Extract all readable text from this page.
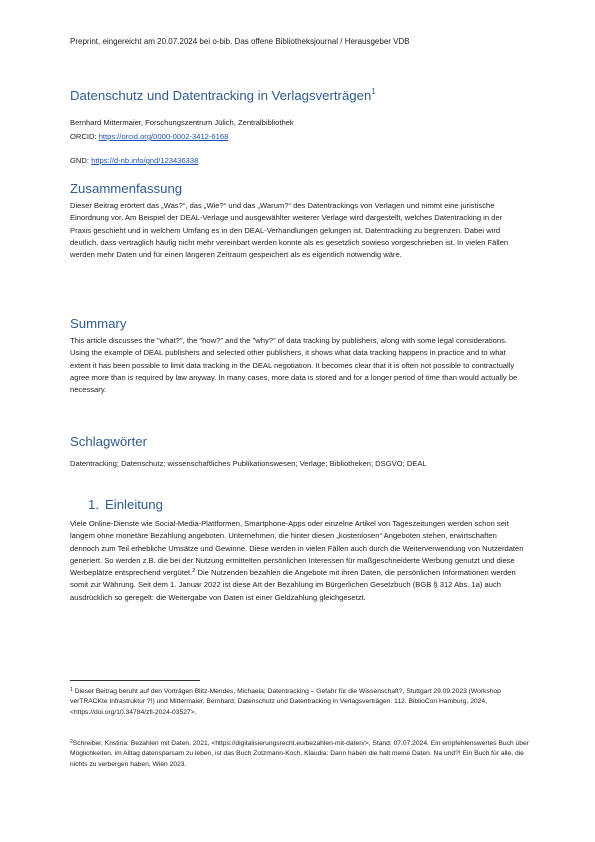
Preprint, eingereicht am 20.07.2024 bei o-bib. Das offene Bibliotheksjournal / Herausgeber VDB
Datenschutz und Datentracking in Verlagsverträgen$^1$
Bernhard Mittermaier, Forschungszentrum Jülich, Zentralbibliothek
ORCID: https://orcid.org/0000-0002-3412-6168
GND: https://d-nb.info/gnd/123436338
Zusammenfassung
Dieser Beitrag erörtert das „Was?“, das „Wie?“ und das „Warum?“ des Datentrackings von Verlagen und nimmt eine juristische Einordnung vor. Am Beispiel der DEAL-Verlage und ausgewählter weiterer Verlage wird dargestellt, welches Datentracking in der Praxis geschieht und in welchem Umfang es in den DEAL-Verhandlungen gelungen ist, Datentracking zu begrenzen. Dabei wird deutlich, dass vertraglich häufig nicht mehr vereinbart werden konnte als es gesetzlich sowieso vorgeschrieben ist. In vielen Fällen werden mehr Daten und für einen längeren Zeitraum gespeichert als es eigentlich notwendig wäre.
Summary
This article discusses the "what?", the "how?" and the "why?" of data tracking by publishers, along with some legal considerations. Using the example of DEAL publishers and selected other publishers, it shows what data tracking happens in practice and to what extent it has been possible to limit data tracking in the DEAL negotiation. It becomes clear that it is often not possible to contractually agree more than is required by law anyway. In many cases, more data is stored and for a longer period of time than would actually be necessary.
Schlagwörter
Datentracking; Datenschutz; wissenschaftliches Publikationswesen; Verlage; Bibliotheken; DSGVO; DEAL
1. Einleitung
Viele Online-Dienste wie Social-Media-Plattformen, Smartphone-Apps oder einzelne Artikel von Tageszeitungen werden schon seit langem ohne monetäre Bezahlung angeboten. Unternehmen, die hinter diesen „kostenlosen“ Angeboten stehen, erwirtschaften dennoch zum Teil erhebliche Umsätze und Gewinne. Diese werden in vielen Fällen auch durch die Weiterverwendung von Nutzerdaten generiert. So werden z.B. die bei der Nutzung ermittelten persönlichen Interessen für maßgeschneiderte Werbung genutzt und diese Werbeplätze entsprechend vergütet.$^2$ Die Nutzenden bezahlen die Angebote mit ihren Daten, die persönlichen Informationen werden somit zur Währung. Seit dem 1. Januar 2022 ist diese Art der Bezahlung im Bürgerlichen Gesetzbuch (BGB § 312 Abs. 1a) auch ausdrücklich so geregelt: die Weitergabe von Daten ist einer Geldzahlung gleichgesetzt.
$^1$ Dieser Beitrag beruht auf den Vorträgen Blitz-Mendes, Michaela; Datentracking – Gefahr für die Wissenschaft?, Stuttgart 29.09.2023 (Workshop verTRACKte Infrastruktur ?!) und Mittermaier, Bernhard; Datenschutz und Datentracking in Verlagsverträgen. 112. BiblioCon Hamburg, 2024, <https://doi.org/10.34784/zfl-2024-03527>.
$^2$Schreiber, Kristina: Bezahlen mit Daten, 2021, <https://digitalisierungsrecht.eu/bezahlen-mit-daten/>, Stand: 07.07.2024. Ein empfehlenswertes Buch über Möglichkeiten, im Alltag datensparsam zu leben, ist das Buch Zotzmann-Koch, Klaudia: Dann haben die halt meine Daten. Na und?! Ein Buch für alle, die nichts zu verbergen haben, Wien 2023.
